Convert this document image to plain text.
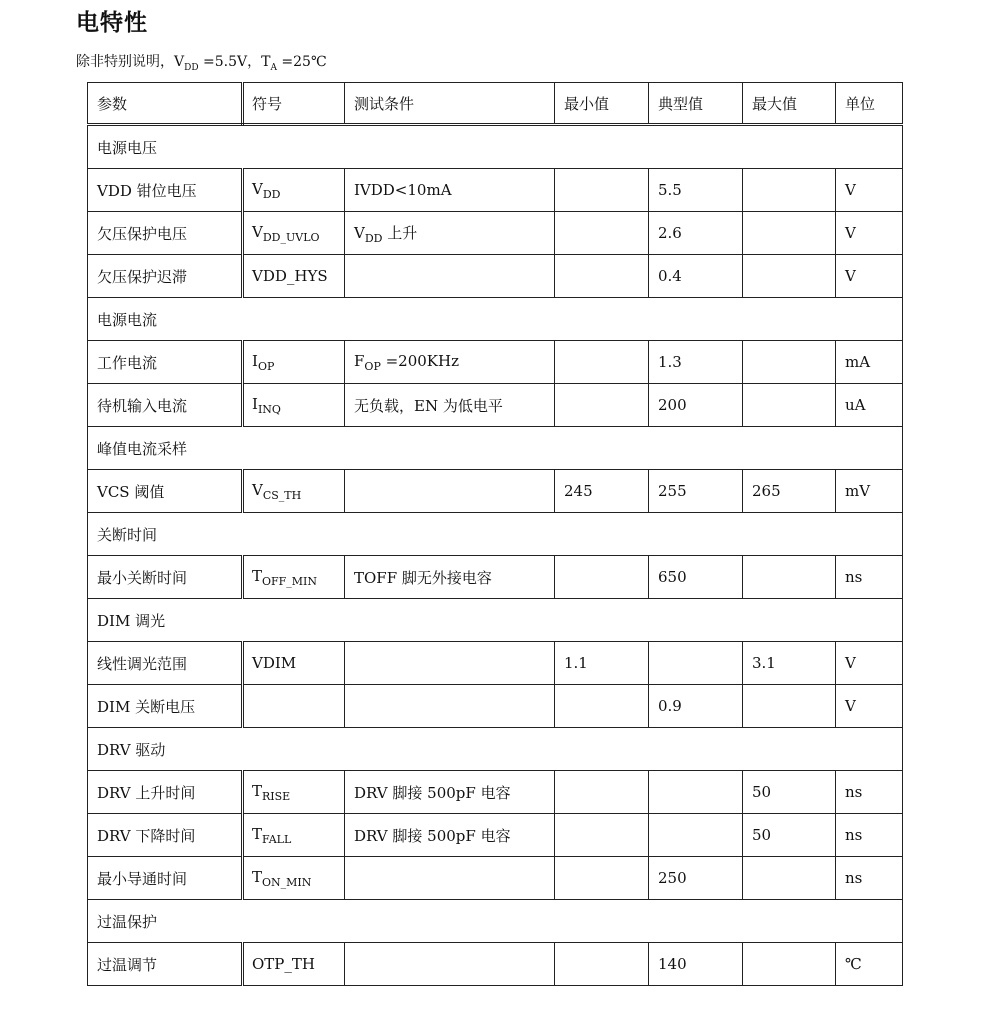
电特性
除非特别说明，$V_{DD} =5.5V$，$T_A$ =25℃
参数	符号	测试条件	最小值	典型值	最大值	单位
电源电压						
VDD 钳位电压	$V_{DD}$	IVDD<10mA		5.5		V
欠压保护电压	$V_{DD\_UVLO}$	$V_{DD}$ 上升		2.6		V
欠压保护迟滞	VDD_HYS			0.4		V
电源电流						
工作电流	$I_{OP}$	$F_{OP} =200KHz$		1.3		mA
待机输入电流	$I_{INQ}$	无负载，EN 为低电平		200		uA
峰值电流采样						
VCS 阈值	$V_{CS\_TH}$		245	255	265	mV
关断时间						
最小关断时间	$T_{OFF\_MIN}$	TOFF 脚无外接电容		650		ns
DIM 调光						
线性调光范围	VDIM		1.1		3.1	V
DIM 关断电压				0.9		V
DRV 驱动						
DRV 上升时间	$T_{RISE}$	DRV 脚接 500pF 电容			50	ns
DRV 下降时间	$T_{FALL}$	DRV 脚接 500pF 电容			50	ns
最小导通时间	$T_{ON\_MIN}$			250		ns
过温保护						
过温调节	OTP_TH			140		℃
